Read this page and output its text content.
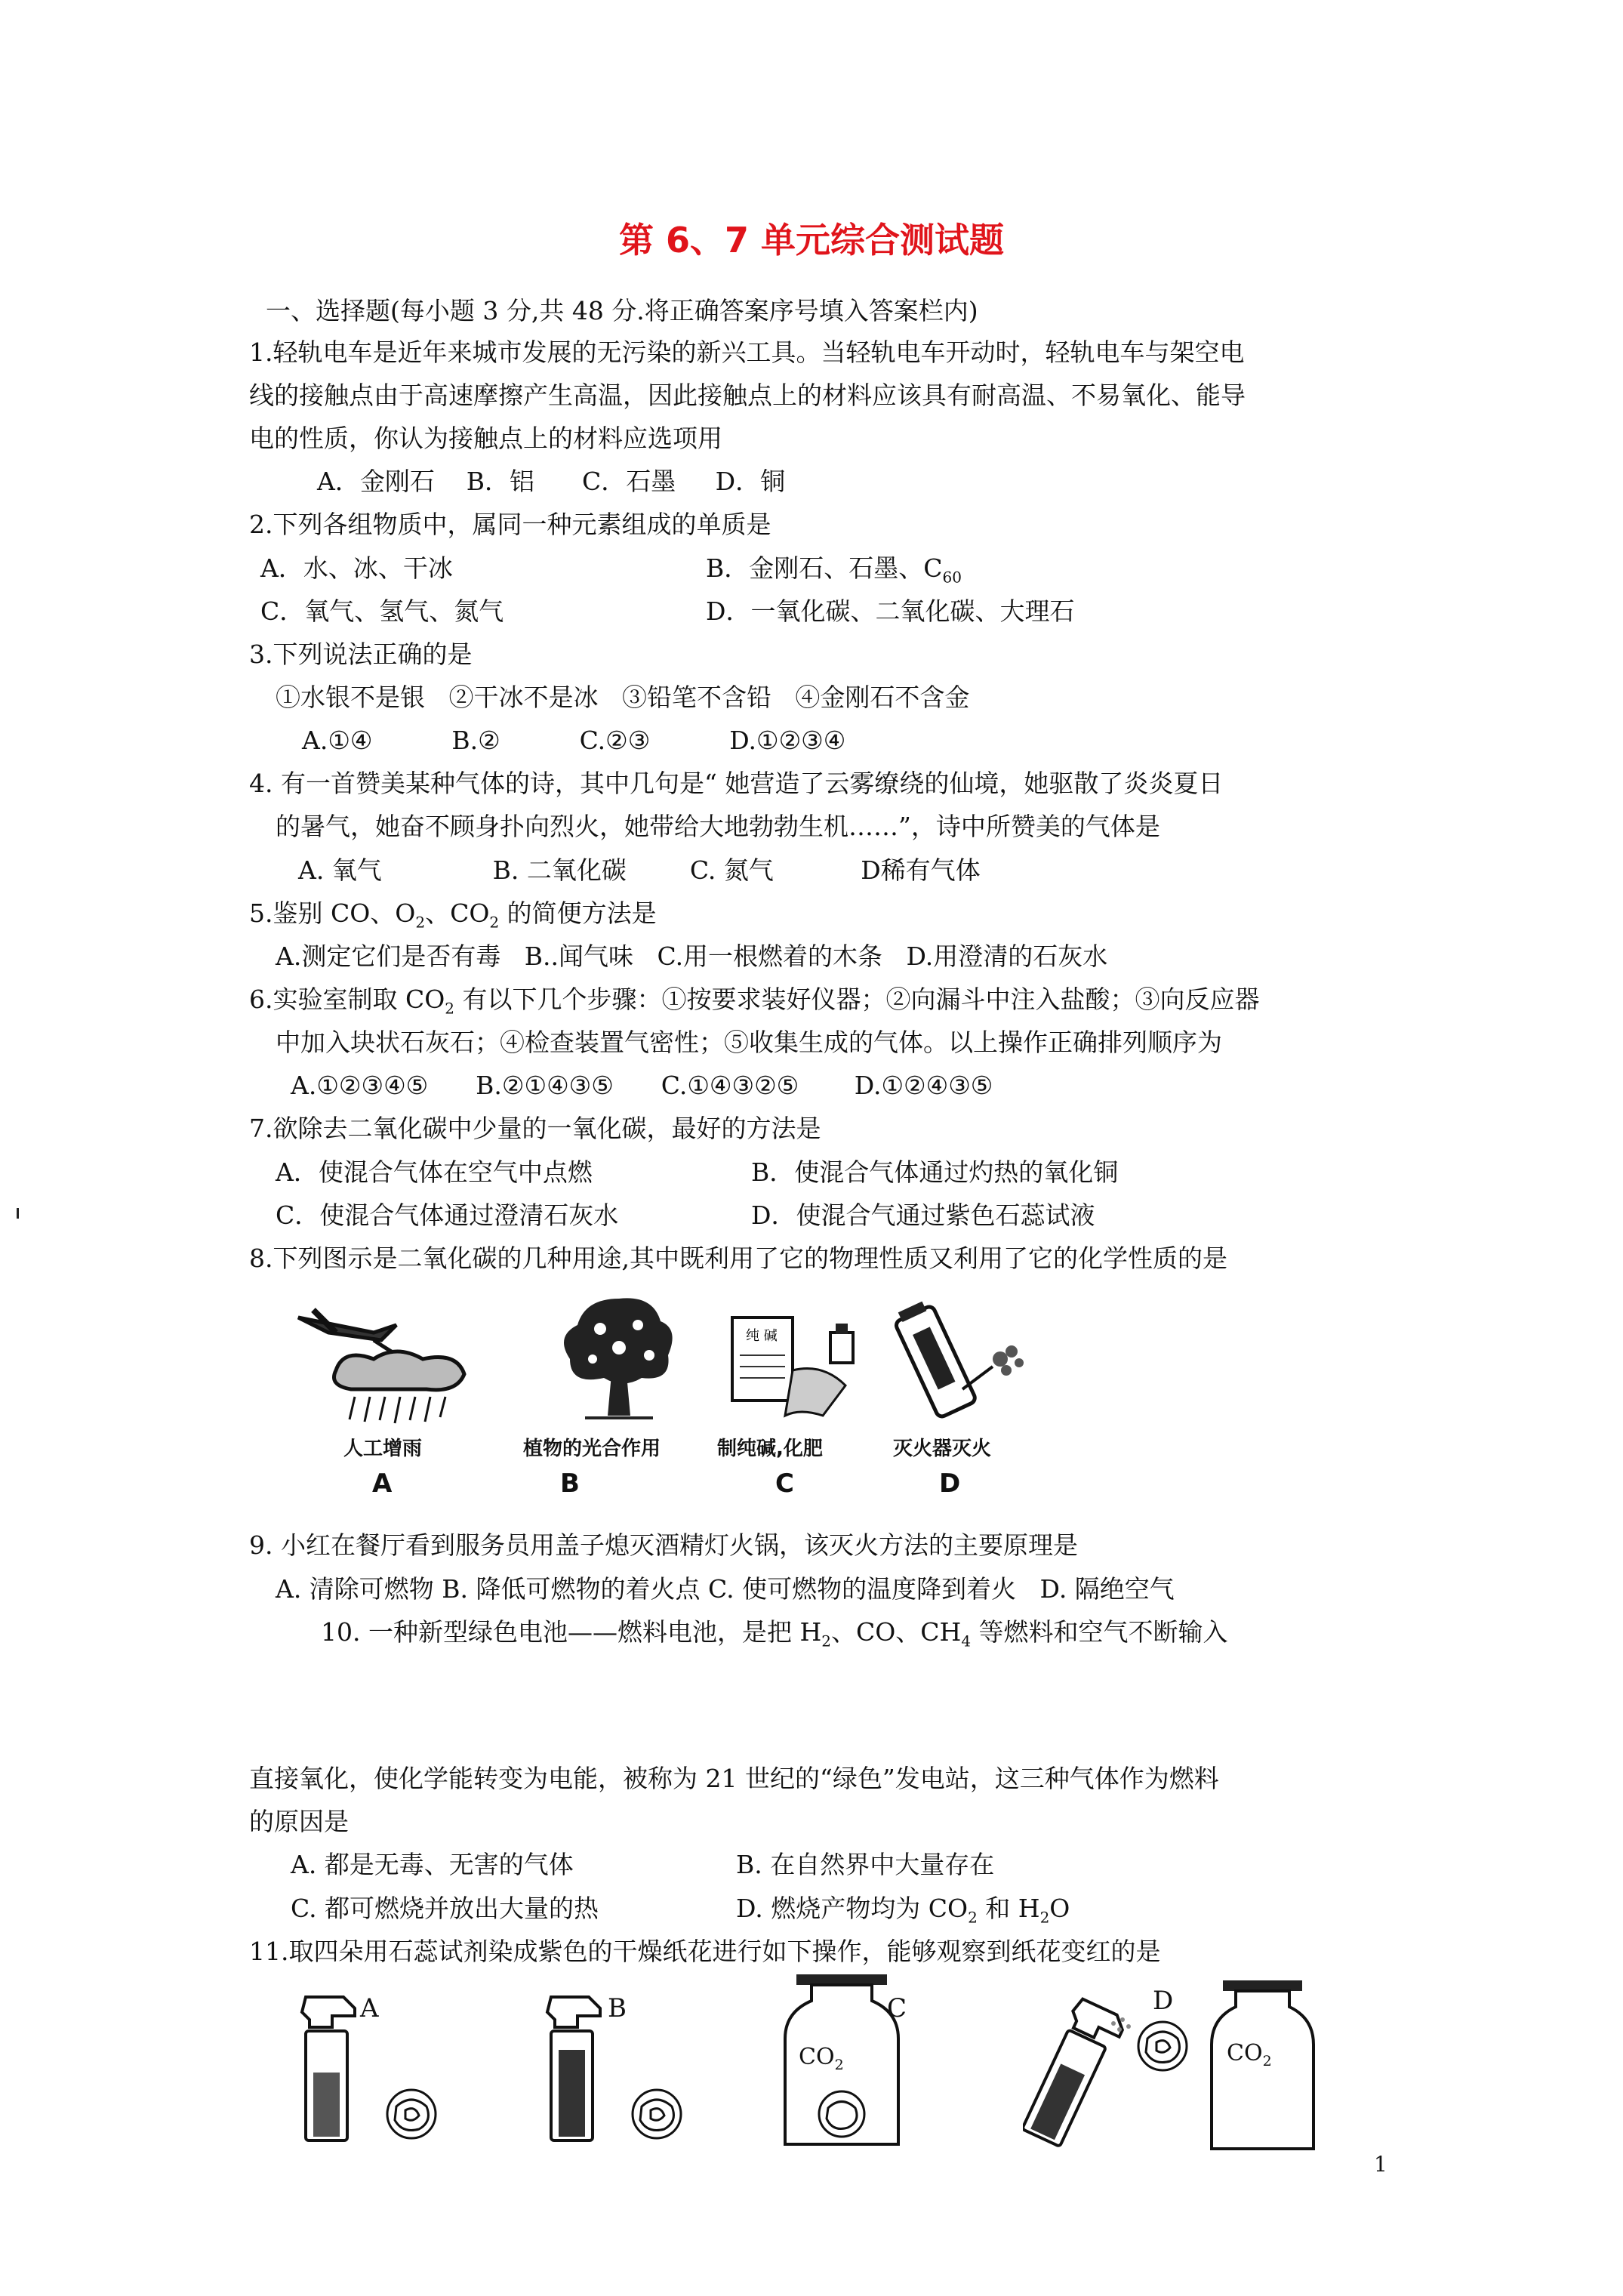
第 6、7 单元综合测试题
一、选择题(每小题 3 分,共 48 分.将正确答案序号填入答案栏内)
1.轻轨电车是近年来城市发展的无污染的新兴工具。当轻轨电车开动时，轻轨电车与架空电
线的接触点由于高速摩擦产生高温，因此接触点上的材料应该具有耐高温、不易氧化、能导
电的性质，你认为接触点上的材料应选项用
A．金刚石    B．铝      C．石墨     D．铜
2.下列各组物质中，属同一种元素组成的单质是
A．水、冰、干冰	B．金刚石、石墨、$C_{60}$
C．氧气、氢气、氮气	D．一氧化碳、二氧化碳、大理石
3.下列说法正确的是
①水银不是银   ②干冰不是冰   ③铅笔不含铅   ④金刚石不含金
A.①④          B.②          C.②③          D.①②③④
4. 有一首赞美某种气体的诗，其中几句是“ 她营造了云雾缭绕的仙境，她驱散了炎炎夏日
的暑气，她奋不顾身扑向烈火，她带给大地勃勃生机……”，诗中所赞美的气体是
A. 氧气              B. 二氧化碳        C. 氮气           D稀有气体
5.鉴别 CO、$O_2$、$CO_2$ 的简便方法是
A.测定它们是否有毒   B..闻气味   C.用一根燃着的木条   D.用澄清的石灰水
6.实验室制取 $CO_2$ 有以下几个步骤：①按要求装好仪器；②向漏斗中注入盐酸；③向反应器
中加入块状石灰石；④检查装置气密性；⑤收集生成的气体。以上操作正确排列顺序为
A.①②③④⑤      B.②①④③⑤      C.①④③②⑤       D.①②④③⑤
7.欲除去二氧化碳中少量的一氧化碳，最好的方法是
A．使混合气体在空气中点燃	B．使混合气体通过灼热的氧化铜
C．使混合气体通过澄清石灰水	D．使混合气通过紫色石蕊试液
8.下列图示是二氧化碳的几种用途,其中既利用了它的物理性质又利用了它的化学性质的是
纯 碱
人工增雨	植物的光合作用	制纯碱,化肥	灭火器灭火
A	B	C	D
9. 小红在餐厅看到服务员用盖子熄灭酒精灯火锅，该灭火方法的主要原理是
A. 清除可燃物 B. 降低可燃物的着火点 C. 使可燃物的温度降到着火   D. 隔绝空气
10. 一种新型绿色电池——燃料电池，是把 $H_2$、CO、$CH_4$ 等燃料和空气不断输入
直接氧化，使化学能转变为电能，被称为 21 世纪的“绿色”发电站，这三种气体作为燃料
的原因是
A. 都是无毒、无害的气体	B. 在自然界中大量存在
C. 都可燃烧并放出大量的热	D. 燃烧产物均为 $CO_2$ 和 $H_2O$
11.取四朵用石蕊试剂染成紫色的干燥纸花进行如下操作，能够观察到纸花变红的是
A	B
$CO_2$
C	D
$CO_2$
1
